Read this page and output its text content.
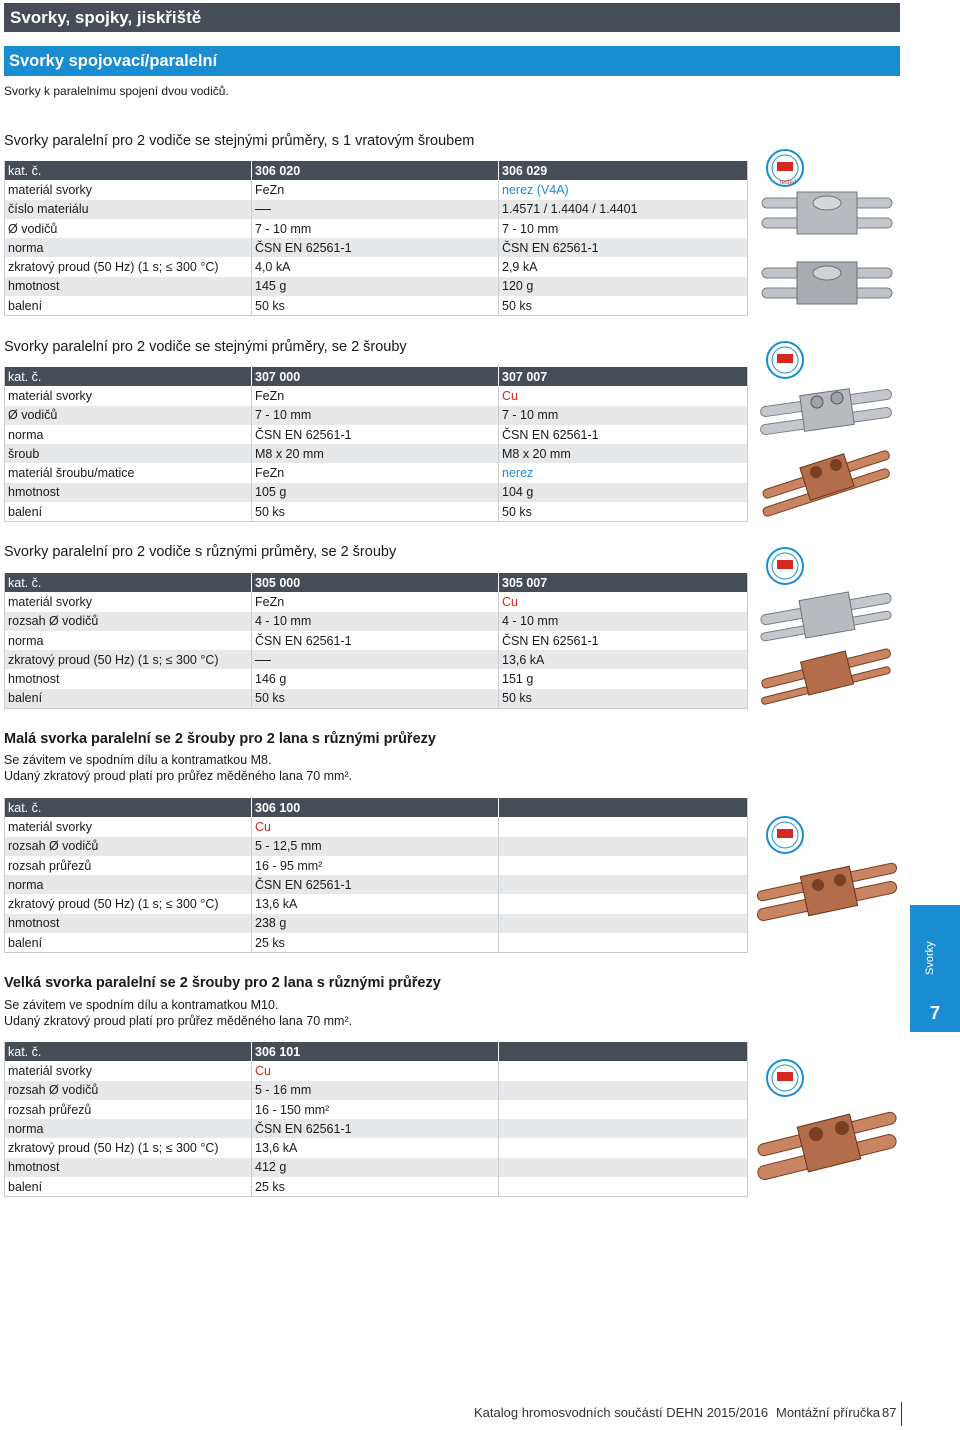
Svorky, spojky, jiskřiště
Svorky spojovací/paralelní
Svorky k paralelnímu spojení dvou vodičů.
Svorky paralelní pro 2 vodiče se stejnými průměry, s 1 vratovým šroubem
kat. č.	306 020	306 029
materiál svorky	FeZn	nerez (V4A)
číslo materiálu		1.4571 / 1.4404 / 1.4401
Ø vodičů	7 - 10 mm	7 - 10 mm
norma	ČSN EN 62561-1	ČSN EN 62561-1
zkratový proud (50 Hz) (1 s; ≤ 300 °C)	4,0 kA	2,9 kA
hmotnost	145 g	120 g
balení	50 ks	50 ks
Svorky paralelní pro 2 vodiče se stejnými průměry, se 2 šrouby
kat. č.	307 000	307 007
materiál svorky	FeZn	Cu
Ø vodičů	7 - 10 mm	7 - 10 mm
norma	ČSN EN 62561-1	ČSN EN 62561-1
šroub	M8 x 20 mm	M8 x 20 mm
materiál šroubu/matice	FeZn	nerez
hmotnost	105 g	104 g
balení	50 ks	50 ks
Svorky paralelní pro 2 vodiče s různými průměry, se 2 šrouby
kat. č.	305 000	305 007
materiál svorky	FeZn	Cu
rozsah Ø vodičů	4 - 10 mm	4 - 10 mm
norma	ČSN EN 62561-1	ČSN EN 62561-1
zkratový proud (50 Hz) (1 s; ≤ 300 °C)		13,6 kA
hmotnost	146 g	151 g
balení	50 ks	50 ks
Malá svorka paralelní se 2 šrouby pro 2 lana s různými průřezy
Se závitem ve spodním dílu a kontramatkou M8.
Udaný zkratový proud platí pro průřez měděného lana 70 mm².
kat. č.	306 100	
materiál svorky	Cu	
rozsah Ø vodičů	5 - 12,5 mm	
rozsah průřezů	16 - 95 mm²	
norma	ČSN EN 62561-1	
zkratový proud (50 Hz) (1 s; ≤ 300 °C)	13,6 kA	
hmotnost	238 g	
balení	25 ks	
Velká svorka paralelní se 2 šrouby pro 2 lana s různými průřezy
Se závitem ve spodním dílu a kontramatkou M10.
Udaný zkratový proud platí pro průřez měděného lana 70 mm².
kat. č.	306 101	
materiál svorky	Cu	
rozsah Ø vodičů	5 - 16 mm	
rozsah průřezů	16 - 150 mm²	
norma	ČSN EN 62561-1	
zkratový proud (50 Hz) (1 s; ≤ 300 °C)	13,6 kA	
hmotnost	412 g	
balení	25 ks	
tested
Svorky
7
Katalog hromosvodních součástí DEHN 2015/2016 Montážní příručka 87
